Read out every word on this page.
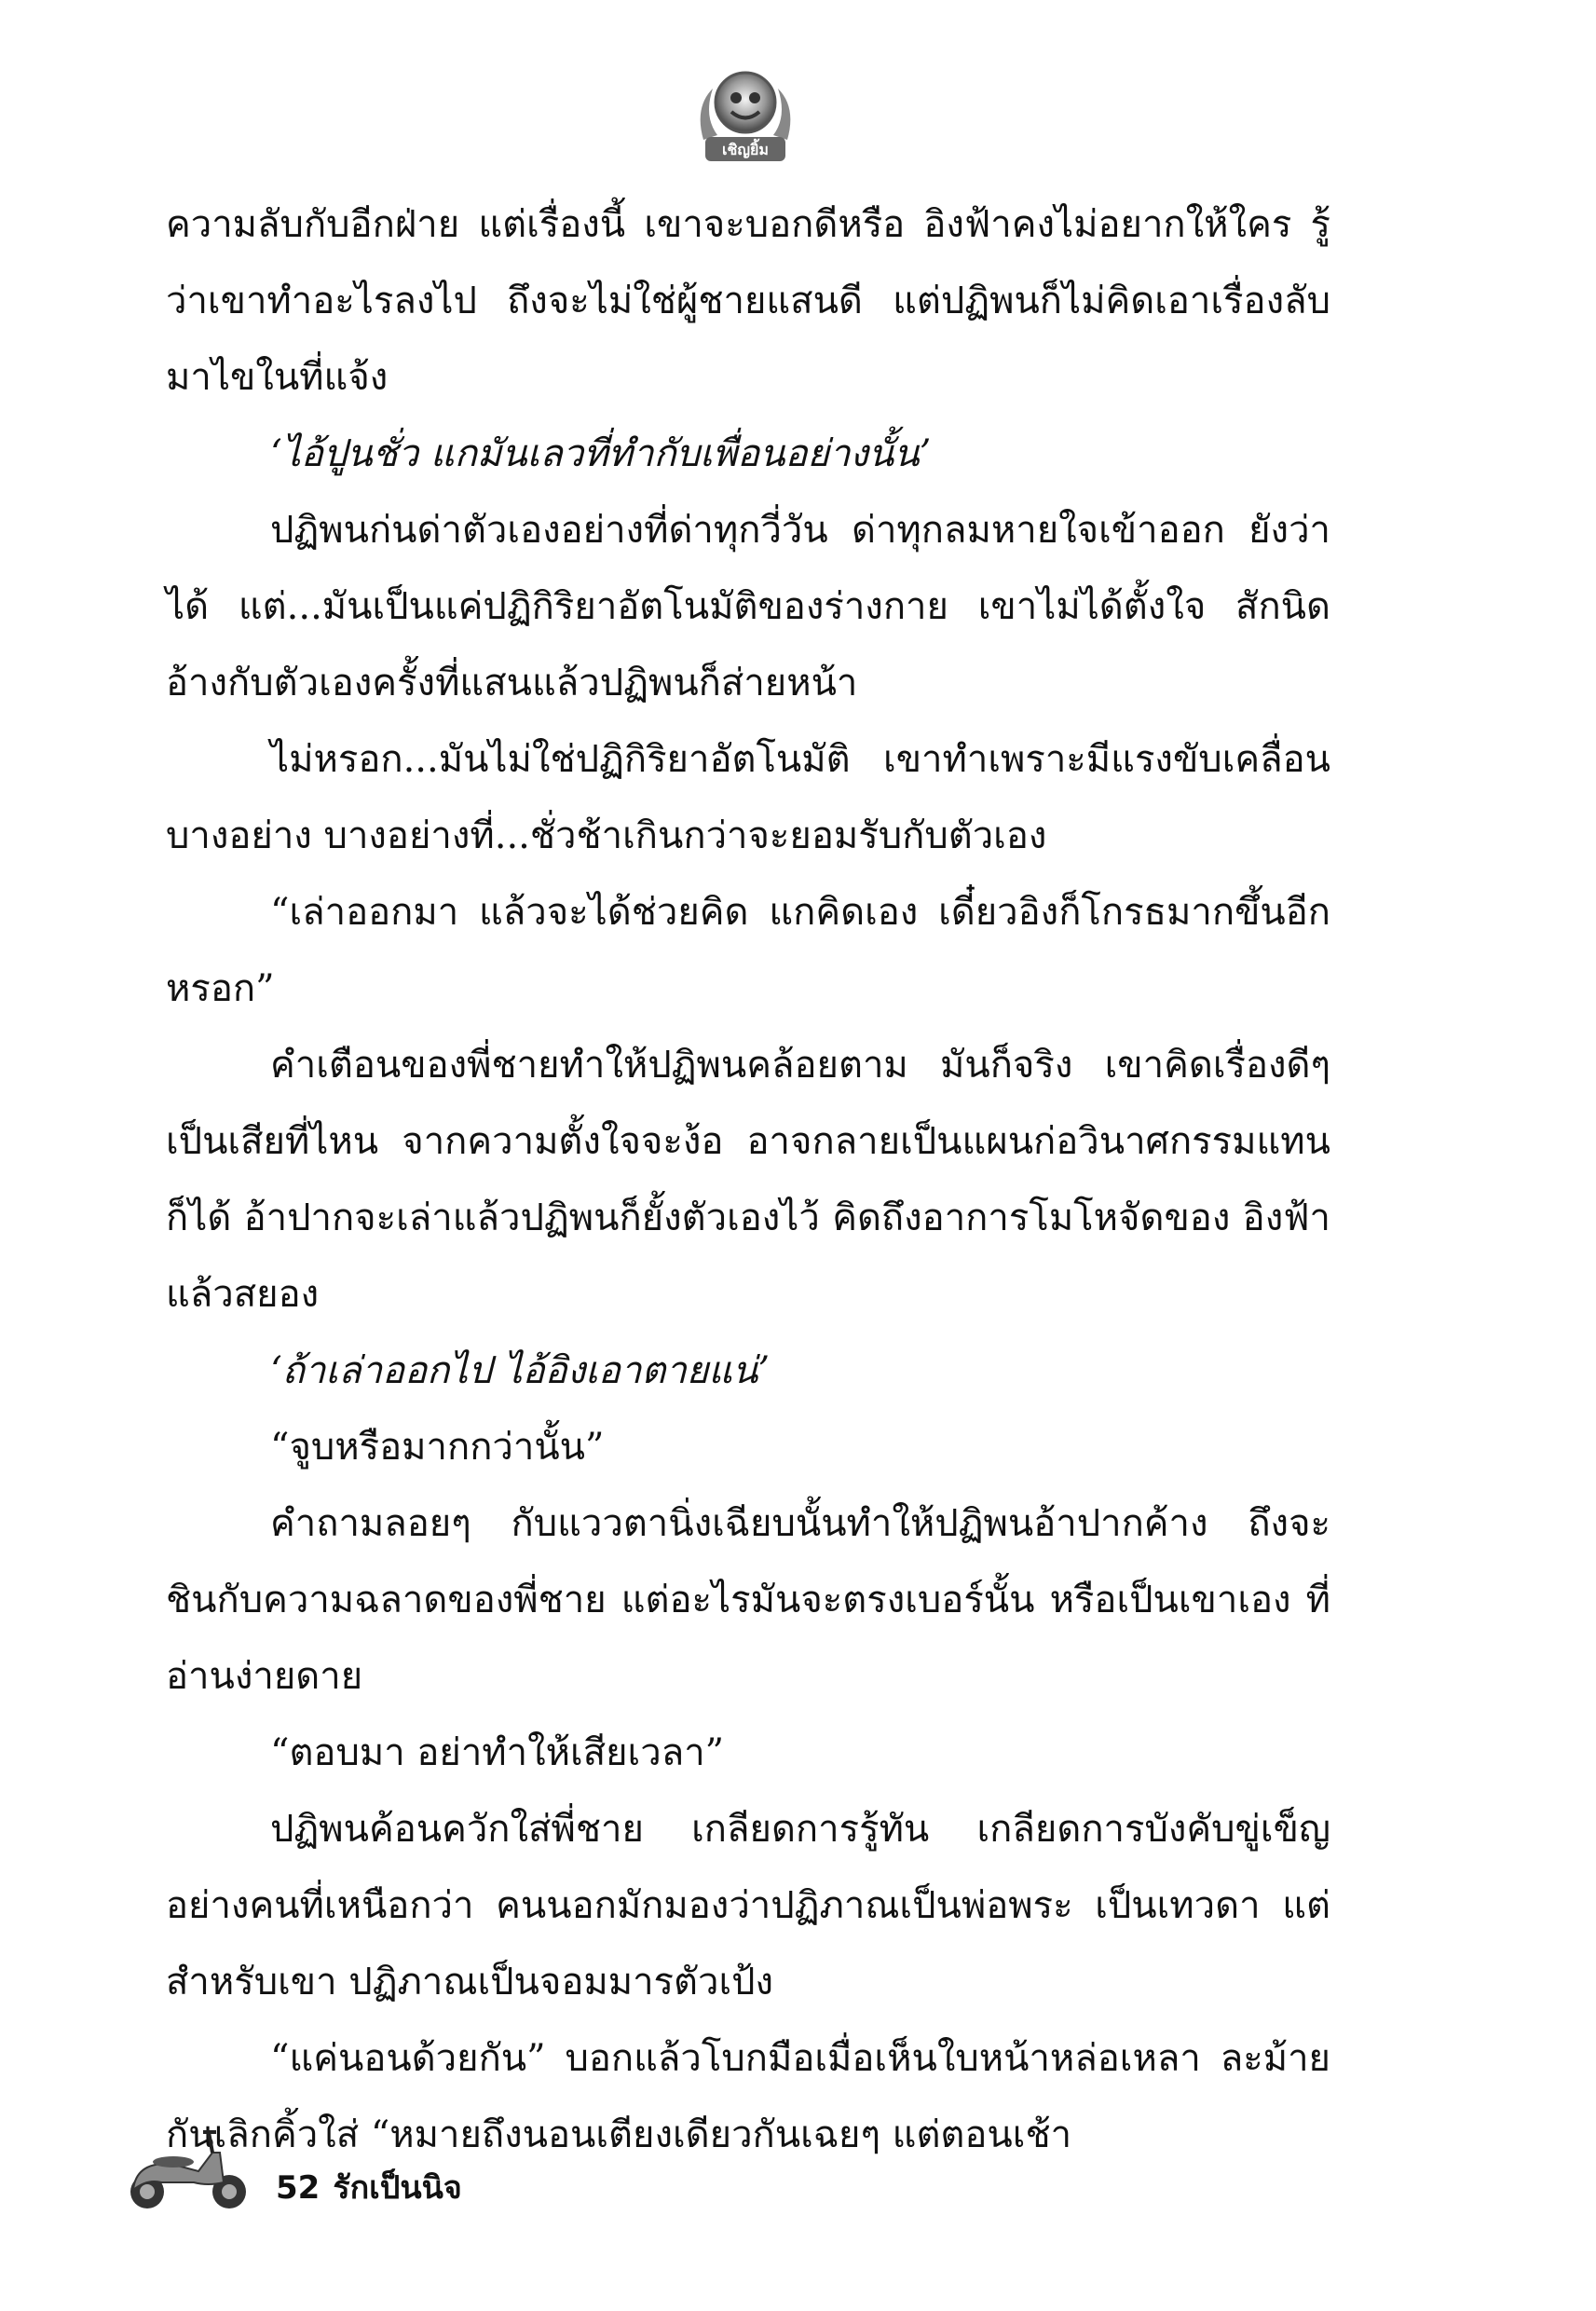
เชิญยิ้ม

ความลับกับอีกฝ่าย แต่เรื่องนี้ เขาจะบอกดีหรือ อิงฟ้าคงไม่อยากให้ใคร รู้ว่าเขาทำอะไรลงไป ถึงจะไม่ใช่ผู้ชายแสนดี แต่ปฏิพนก็ไม่คิดเอาเรื่องลับ มาไขในที่แจ้ง

‘ไอ้ปูนชั่ว แกมันเลวที่ทำกับเพื่อนอย่างนั้น’

ปฏิพนก่นด่าตัวเองอย่างที่ด่าทุกวี่วัน ด่าทุกลมหายใจเข้าออก ยังว่าได้ แต่...มันเป็นแค่ปฏิกิริยาอัตโนมัติของร่างกาย เขาไม่ได้ตั้งใจ สักนิด อ้างกับตัวเองครั้งที่แสนแล้วปฏิพนก็ส่ายหน้า

ไม่หรอก...มันไม่ใช่ปฏิกิริยาอัตโนมัติ เขาทำเพราะมีแรงขับเคลื่อน บางอย่าง บางอย่างที่...ชั่วช้าเกินกว่าจะยอมรับกับตัวเอง

“เล่าออกมา แล้วจะได้ช่วยคิด แกคิดเอง เดี๋ยวอิงก็โกรธมากขึ้นอีก หรอก”

คำเตือนของพี่ชายทำให้ปฏิพนคล้อยตาม มันก็จริง เขาคิดเรื่องดีๆ เป็นเสียที่ไหน จากความตั้งใจจะง้อ อาจกลายเป็นแผนก่อวินาศกรรมแทน ก็ได้ อ้าปากจะเล่าแล้วปฏิพนก็ยั้งตัวเองไว้ คิดถึงอาการโมโหจัดของ อิงฟ้าแล้วสยอง

‘ถ้าเล่าออกไป ไอ้อิงเอาตายแน่’

“จูบหรือมากกว่านั้น”

คำถามลอยๆ กับแววตานิ่งเฉียบนั้นทำให้ปฏิพนอ้าปากค้าง ถึงจะ ชินกับความฉลาดของพี่ชาย แต่อะไรมันจะตรงเบอร์นั้น หรือเป็นเขาเอง ที่อ่านง่ายดาย

“ตอบมา อย่าทำให้เสียเวลา”

ปฏิพนค้อนควักใส่พี่ชาย เกลียดการรู้ทัน เกลียดการบังคับขู่เข็ญ อย่างคนที่เหนือกว่า คนนอกมักมองว่าปฏิภาณเป็นพ่อพระ เป็นเทวดา แต่สำหรับเขา ปฏิภาณเป็นจอมมารตัวเป้ง

“แค่นอนด้วยกัน” บอกแล้วโบกมือเมื่อเห็นใบหน้าหล่อเหลา ละม้ายกันเลิกคิ้วใส่ “หมายถึงนอนเตียงเดียวกันเฉยๆ แต่ตอนเช้า

52 รักเป็นนิจ
